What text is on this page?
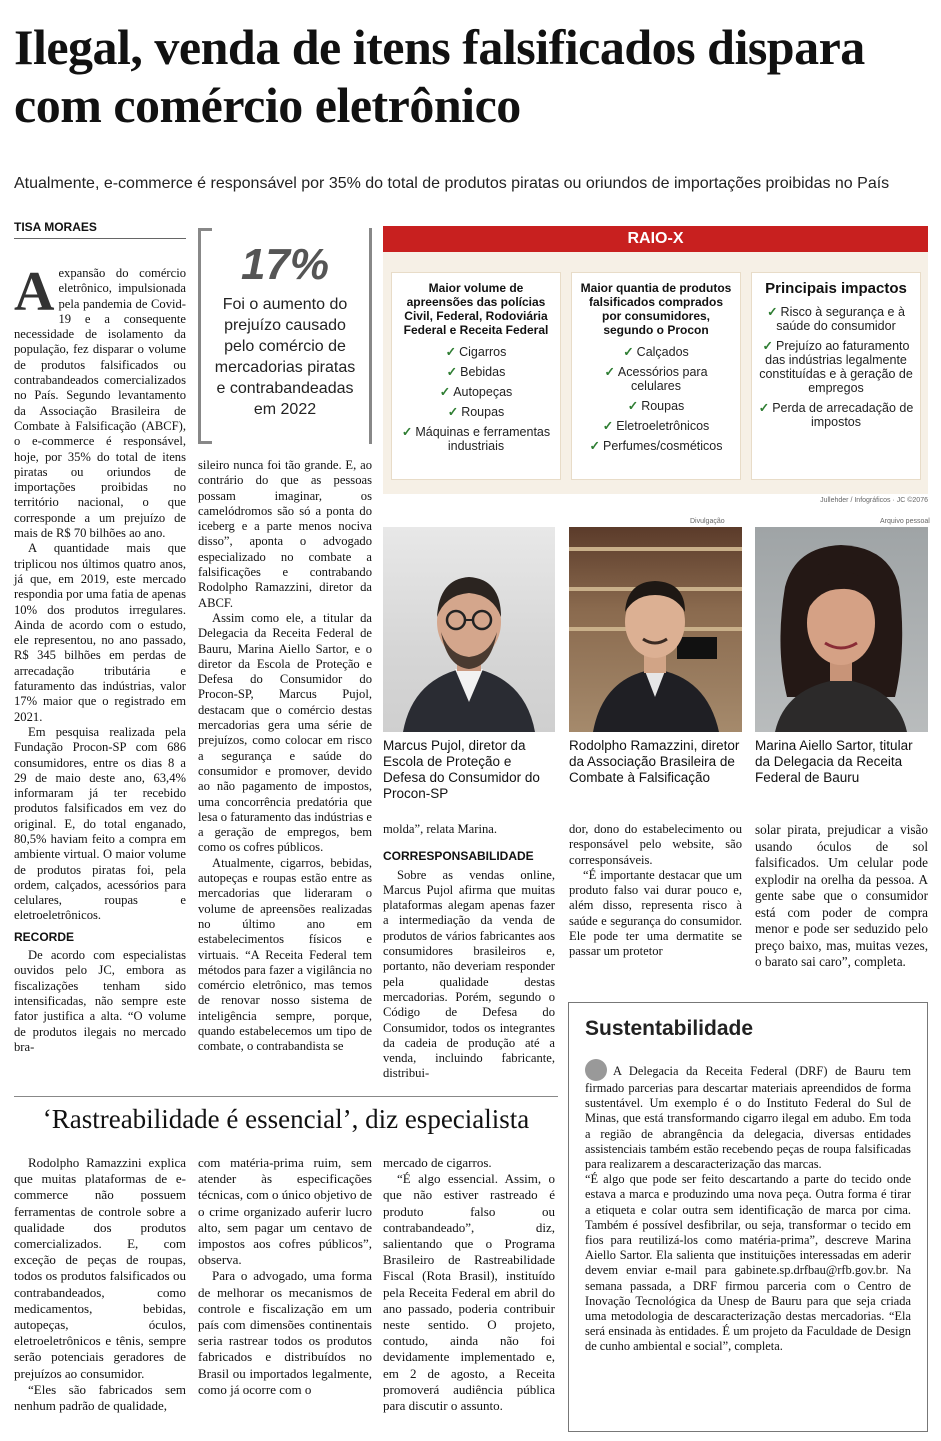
Ilegal, venda de itens falsificados dispara com comércio eletrônico
Atualmente, e-commerce é responsável por 35% do total de produtos piratas ou oriundos de importações proibidas no País
TISA MORAES

Aexpansão do comércio eletrônico, impulsionada pela pandemia de Covid-19 e a consequente necessidade de isolamento da população, fez disparar o volume de produtos falsificados ou contrabandeados comercializados no País. Segundo levantamento da Associação Brasileira de Combate à Falsificação (ABCF), o e-commerce é responsável, hoje, por 35% do total de itens piratas ou oriundos de importações proibidas no território nacional, o que corresponde a um prejuízo de mais de R$ 70 bilhões ao ano.

A quantidade mais que triplicou nos últimos quatro anos, já que, em 2019, este mercado respondia por uma fatia de apenas 10% dos produtos irregulares. Ainda de acordo com o estudo, ele representou, no ano passado, R$ 345 bilhões em perdas de arrecadação tributária e faturamento das indústrias, valor 17% maior que o registrado em 2021.

Em pesquisa realizada pela Fundação Procon-SP com 686 consumidores, entre os dias 8 a 29 de maio deste ano, 63,4% informaram já ter recebido produtos falsificados em vez do original. E, do total enganado, 80,5% haviam feito a compra em ambiente virtual. O maior volume de produtos piratas foi, pela ordem, calçados, acessórios para celulares, roupas e eletroeletrônicos.

RECORDE

De acordo com especialistas ouvidos pelo JC, embora as fiscalizações tenham sido intensificadas, não sempre este fator justifica a alta. “O volume de produtos ilegais no mercado bra-

17%
Foi o aumento do prejuízo causado pelo comércio de mercadorias piratas e contrabandeadas em 2022

sileiro nunca foi tão grande. E, ao contrário do que as pessoas possam imaginar, os camelódromos são só a ponta do iceberg e a parte menos nociva disso”, aponta o advogado especializado no combate a falsificações e contrabando Rodolpho Ramazzini, diretor da ABCF.

Assim como ele, a titular da Delegacia da Receita Federal de Bauru, Marina Aiello Sartor, e o diretor da Escola de Proteção e Defesa do Consumidor do Procon-SP, Marcus Pujol, destacam que o comércio destas mercadorias gera uma série de prejuízos, como colocar em risco a segurança e saúde do consumidor e promover, devido ao não pagamento de impostos, uma concorrência predatória que lesa o faturamento das indústrias e a geração de empregos, bem como os cofres públicos.

Atualmente, cigarros, bebidas, autopeças e roupas estão entre as mercadorias que lideraram o volume de apreensões realizadas no último ano em estabelecimentos físicos e virtuais. “A Receita Federal tem métodos para fazer a vigilância no comércio eletrônico, mas temos de renovar nosso sistema de inteligência sempre, porque, quando estabelecemos um tipo de combate, o contrabandista se

RAIO-X
Maior volume de apreensões das polícias Civil, Federal, Rodoviária Federal e Receita Federal
✓ Cigarros
✓ Bebidas
✓ Autopeças
✓ Roupas
✓ Máquinas e ferramentas industriais
Maior quantia de produtos falsificados comprados por consumidores, segundo o Procon
✓ Calçados
✓ Acessórios para celulares
✓ Roupas
✓ Eletroeletrônicos
✓ Perfumes/cosméticos
Principais impactos
✓ Risco à segurança e à saúde do consumidor
✓ Prejuízo ao faturamento das indústrias legalmente constituídas e à geração de empregos
✓ Perda de arrecadação de impostos
Jullehder / Infográficos · JC ©2076
Divulgação	Arquivo pessoal
Marcus Pujol, diretor da Escola de Proteção e Defesa do Consumidor do Procon-SP
Rodolpho Ramazzini, diretor da Associação Brasileira de Combate à Falsificação
Marina Aiello Sartor, titular da Delegacia da Receita Federal de Bauru

molda”, relata Marina.

CORRESPONSABILIDADE

Sobre as vendas online, Marcus Pujol afirma que muitas plataformas alegam apenas fazer a intermediação da venda de produtos de vários fabricantes aos consumidores brasileiros e, portanto, não deveriam responder pela qualidade destas mercadorias. Porém, segundo o Código de Defesa do Consumidor, todos os integrantes da cadeia de produção até a venda, incluindo fabricante, distribui-

dor, dono do estabelecimento ou responsável pelo website, são corresponsáveis.

“É importante destacar que um produto falso vai durar pouco e, além disso, representa risco à saúde e segurança do consumidor. Ele pode ter uma dermatite se passar um protetor

solar pirata, prejudicar a visão usando óculos de sol falsificados. Um celular pode explodir na orelha da pessoa. A gente sabe que o consumidor está com poder de compra menor e pode ser seduzido pelo preço baixo, mas, muitas vezes, o barato sai caro”, completa.

‘Rastreabilidade é essencial’, diz especialista

Rodolpho Ramazzini explica que muitas plataformas de e-commerce não possuem ferramentas de controle sobre a qualidade dos produtos comercializados. E, com exceção de peças de roupas, todos os produtos falsificados ou contrabandeados, como medicamentos, bebidas, autopeças, óculos, eletroeletrônicos e tênis, sempre serão potenciais geradores de prejuízos ao consumidor.

“Eles são fabricados sem nenhum padrão de qualidade,

com matéria-prima ruim, sem atender às especificações técnicas, com o único objetivo de o crime organizado auferir lucro alto, sem pagar um centavo de impostos aos cofres públicos”, observa.

Para o advogado, uma forma de melhorar os mecanismos de controle e fiscalização em um país com dimensões continentais seria rastrear todos os produtos fabricados e distribuídos no Brasil ou importados legalmente, como já ocorre com o

mercado de cigarros.

“É algo essencial. Assim, o que não estiver rastreado é produto falso ou contrabandeado”, diz, salientando que o Programa Brasileiro de Rastreabilidade Fiscal (Rota Brasil), instituído pela Receita Federal em abril do ano passado, poderia contribuir neste sentido. O projeto, contudo, ainda não foi devidamente implementado e, em 2 de agosto, a Receita promoverá audiência pública para discutir o assunto.

Sustentabilidade

A Delegacia da Receita Federal (DRF) de Bauru tem firmado parcerias para descartar materiais apreendidos de forma sustentável. Um exemplo é o do Instituto Federal do Sul de Minas, que está transformando cigarro ilegal em adubo. Em toda a região de abrangência da delegacia, diversas entidades assistenciais também estão recebendo peças de roupa falsificadas para realizarem a descaracterização das marcas.

“É algo que pode ser feito descartando a parte do tecido onde estava a marca e produzindo uma nova peça. Outra forma é tirar a etiqueta e colar outra sem identificação de marca por cima. Também é possível desfibrilar, ou seja, transformar o tecido em fios para reutilizá-los como matéria-prima”, descreve Marina Aiello Sartor. Ela salienta que instituições interessadas em aderir devem enviar e-mail para gabinete.sp.drfbau@rfb.gov.br. Na semana passada, a DRF firmou parceria com o Centro de Inovação Tecnológica da Unesp de Bauru para que seja criada uma metodologia de descaracterização destas mercadorias. “Ela será ensinada às entidades. É um projeto da Faculdade de Design de cunho ambiental e social”, completa.
